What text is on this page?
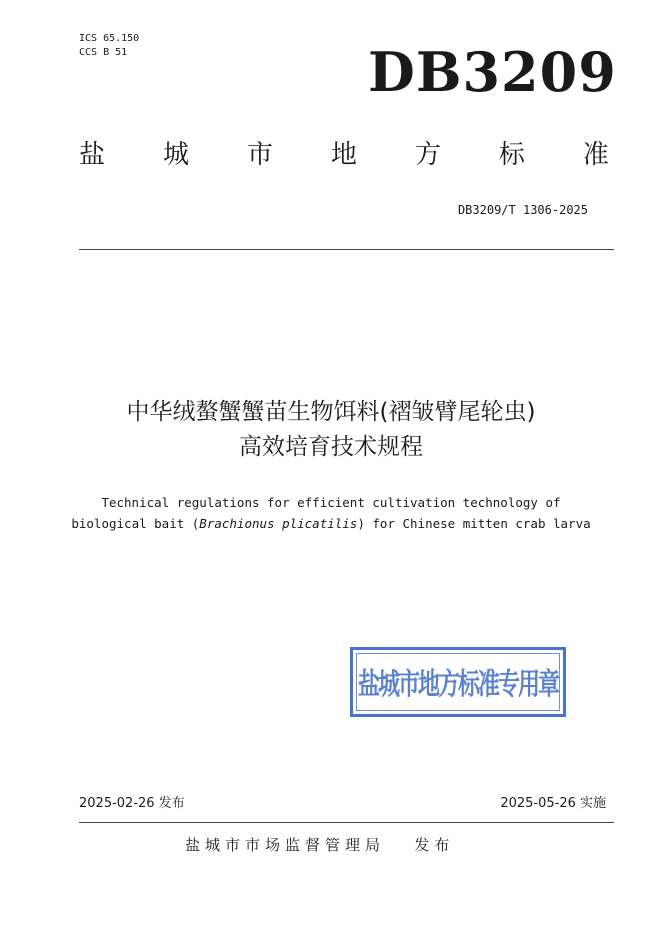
ICS 65.150
CCS B 51	DB3209
盐 城 市 地 方 标 准
DB3209/T 1306-2025
中华绒螯蟹蟹苗生物饵料(褶皱臂尾轮虫)
高效培育技术规程
Technical regulations for efficient cultivation technology of
biological bait (Brachionus plicatilis) for Chinese mitten crab larva
盐城市地方标准专用章
2025-02-26 发布	2025-05-26 实施
盐城市市场监督管理局 发布
